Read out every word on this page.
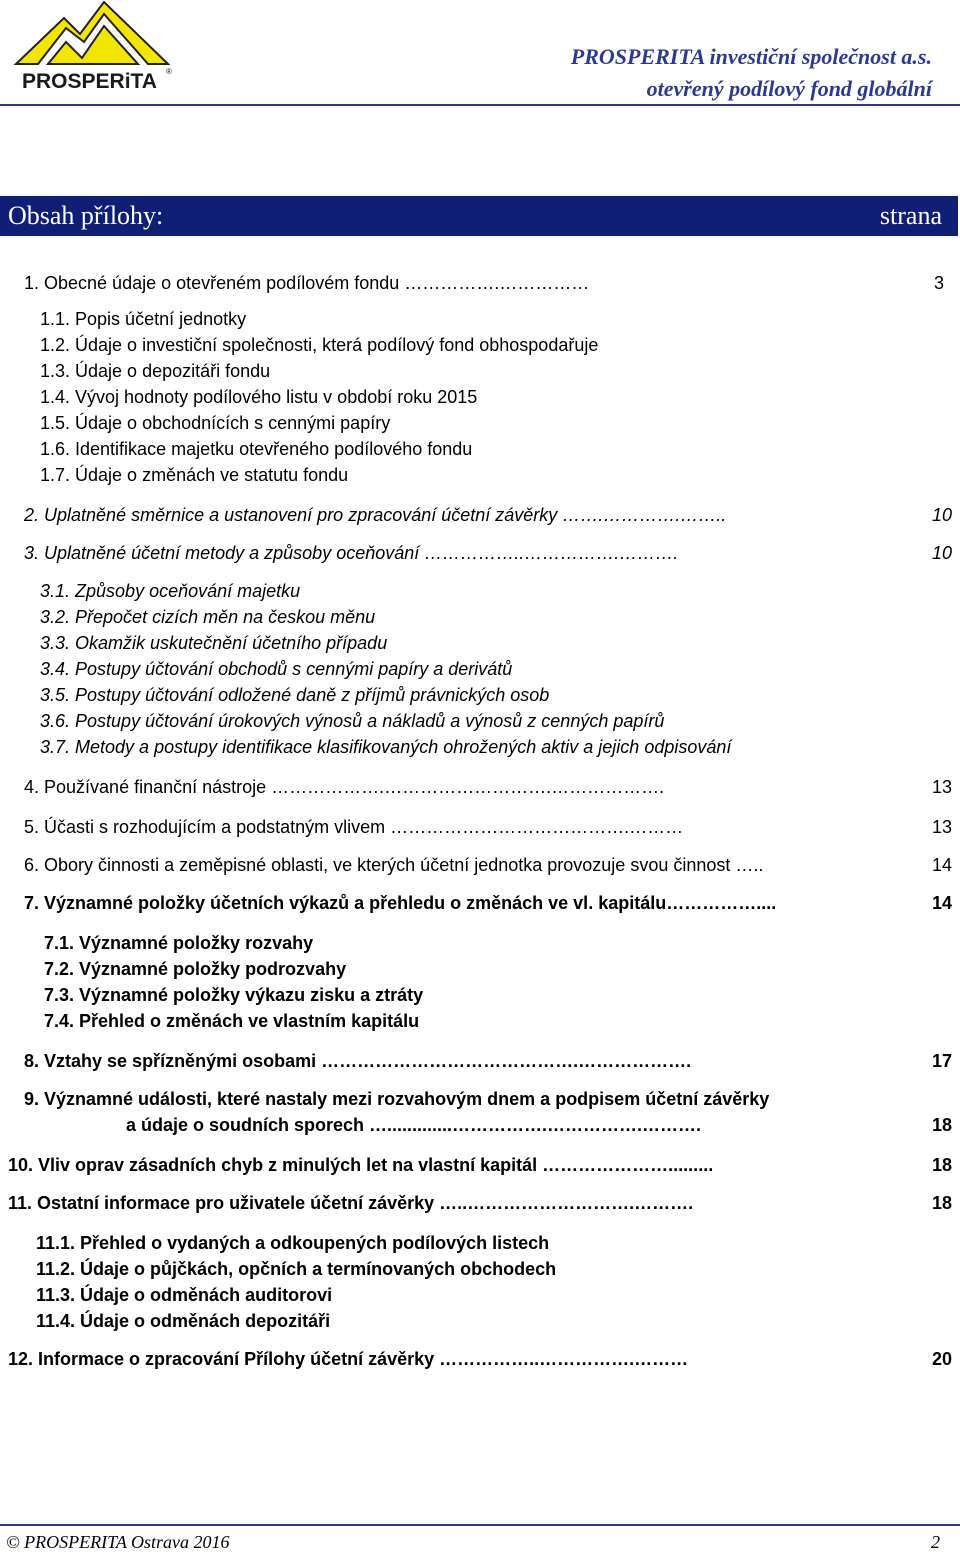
PROSPERiTA ®
PROSPERITA investiční společnost a.s.
otevřený podílový fond globální
Obsah přílohy:	strana
1. Obecné údaje o otevřeném podílovém fondu …………….……………	3
1.1. Popis účetní jednotky
1.2. Údaje o investiční společnosti, která podílový fond obhospodařuje
1.3. Údaje o depozitáři fondu
1.4. Vývoj hodnoty podílového listu v období roku 2015
1.5. Údaje o obchodnících s cennými papíry
1.6. Identifikace majetku otevřeného podílového fondu
1.7. Údaje o změnách ve statutu fondu
2. Uplatněné směrnice a ustanovení pro zpracování účetní závěrky …….………….……..	10
3. Uplatněné účetní metody a způsoby oceňování ……………..…………….……….	10
3.1. Způsoby oceňování majetku
3.2. Přepočet cizích měn na českou měnu
3.3. Okamžik uskutečnění účetního případu
3.4. Postupy účtování obchodů s cennými papíry a derivátů
3.5. Postupy účtování odložené daně z příjmů právnických osob
3.6. Postupy účtování úrokových výnosů a nákladů a výnosů z cenných papírů
3.7. Metody a postupy identifikace klasifikovaných ohrožených aktiv a jejich odpisování
4. Používané finanční nástroje ……………….……………………….……………….	13
5. Účasti s rozhodujícím a podstatným vlivem ………………………………….………	13
6. Obory činnosti a zeměpisné oblasti, ve kterých účetní jednotka provozuje svou činnost …..	14
7. Významné položky účetních výkazů a přehledu o změnách ve vl. kapitálu……………....	14
7.1. Významné položky rozvahy
7.2. Významné položky podrozvahy
7.3. Významné položky výkazu zisku a ztráty
7.4. Přehled o změnách ve vlastním kapitálu
8. Vztahy se spřízněnými osobami …………………………………….……………….	17
9. Významné události, které nastaly mezi rozvahovým dnem a podpisem účetní závěrky
a údaje o soudních sporech ….............…………….…………….……….	18
10. Vliv oprav zásadních chyb z minulých let na vlastní kapitál ………………….........	18
11. Ostatní informace pro uživatele účetní závěrky …..……………………….……….	18
11.1. Přehled o vydaných a odkoupených podílových listech
11.2. Údaje o půjčkách, opčních a termínovaných obchodech
11.3. Údaje o odměnách auditorovi
11.4. Údaje o odměnách depozitáři
12. Informace o zpracování Přílohy účetní závěrky ……………..…………….………	20
© PROSPERITA Ostrava 2016	2
